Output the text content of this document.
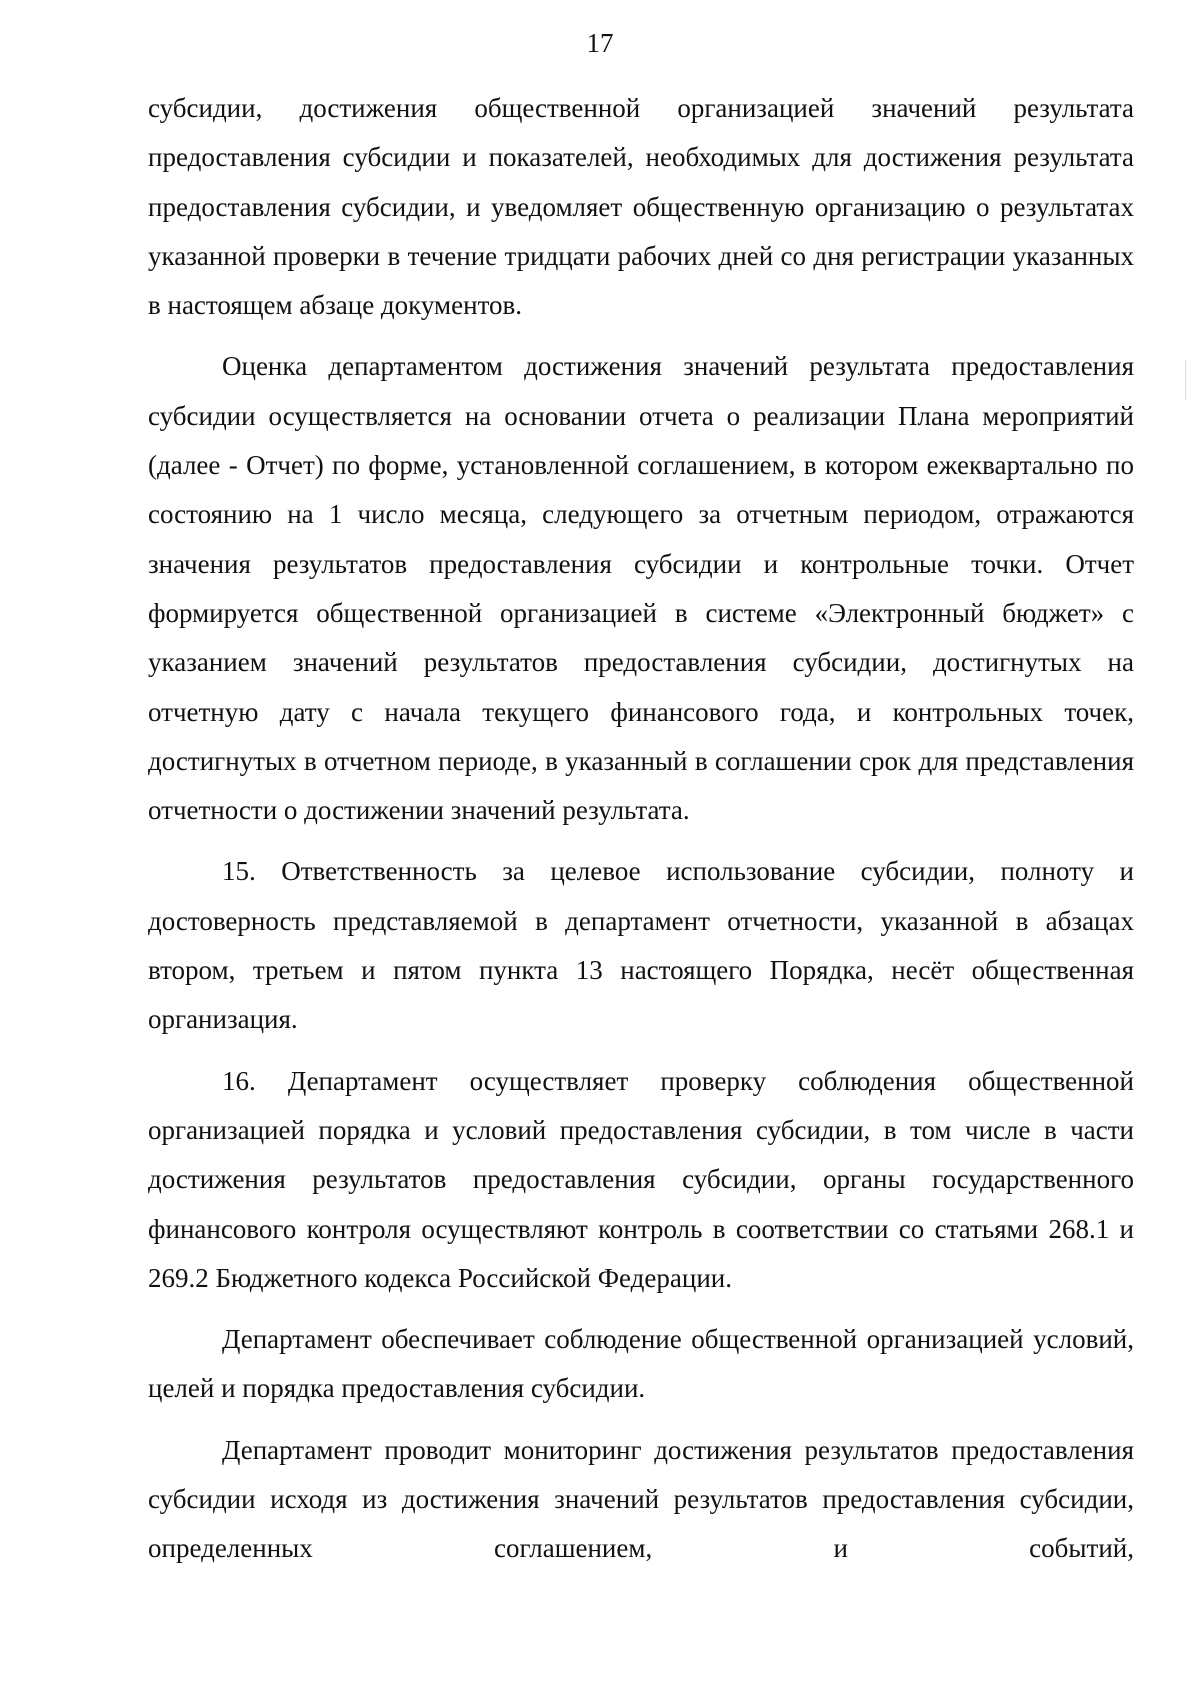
17

субсидии, достижения общественной организацией значений результата предоставления субсидии и показателей, необходимых для достижения результата предоставления субсидии, и уведомляет общественную организацию о результатах указанной проверки в течение тридцати рабочих дней со дня регистрации указанных в настоящем абзаце документов.

Оценка департаментом достижения значений результата предоставления субсидии осуществляется на основании отчета о реализации Плана мероприятий (далее - Отчет) по форме, установленной соглашением, в котором ежеквартально по состоянию на 1 число месяца, следующего за отчетным периодом, отражаются значения результатов предоставления субсидии и контрольные точки. Отчет формируется общественной организацией в системе «Электронный бюджет» с указанием значений результатов предоставления субсидии, достигнутых на отчетную дату с начала текущего финансового года, и контрольных точек, достигнутых в отчетном периоде, в указанный в соглашении срок для представления отчетности о достижении значений результата.

15. Ответственность за целевое использование субсидии, полноту и достоверность представляемой в департамент отчетности, указанной в абзацах втором, третьем и пятом пункта 13 настоящего Порядка, несёт общественная организация.

16. Департамент осуществляет проверку соблюдения общественной организацией порядка и условий предоставления субсидии, в том числе в части достижения результатов предоставления субсидии, органы государственного финансового контроля осуществляют контроль в соответствии со статьями 268.1 и 269.2 Бюджетного кодекса Российской Федерации.

Департамент обеспечивает соблюдение общественной организацией условий, целей и порядка предоставления субсидии.

Департамент проводит мониторинг достижения результатов предоставления субсидии исходя из достижения значений результатов предоставления субсидии, определенных соглашением, и событий,
